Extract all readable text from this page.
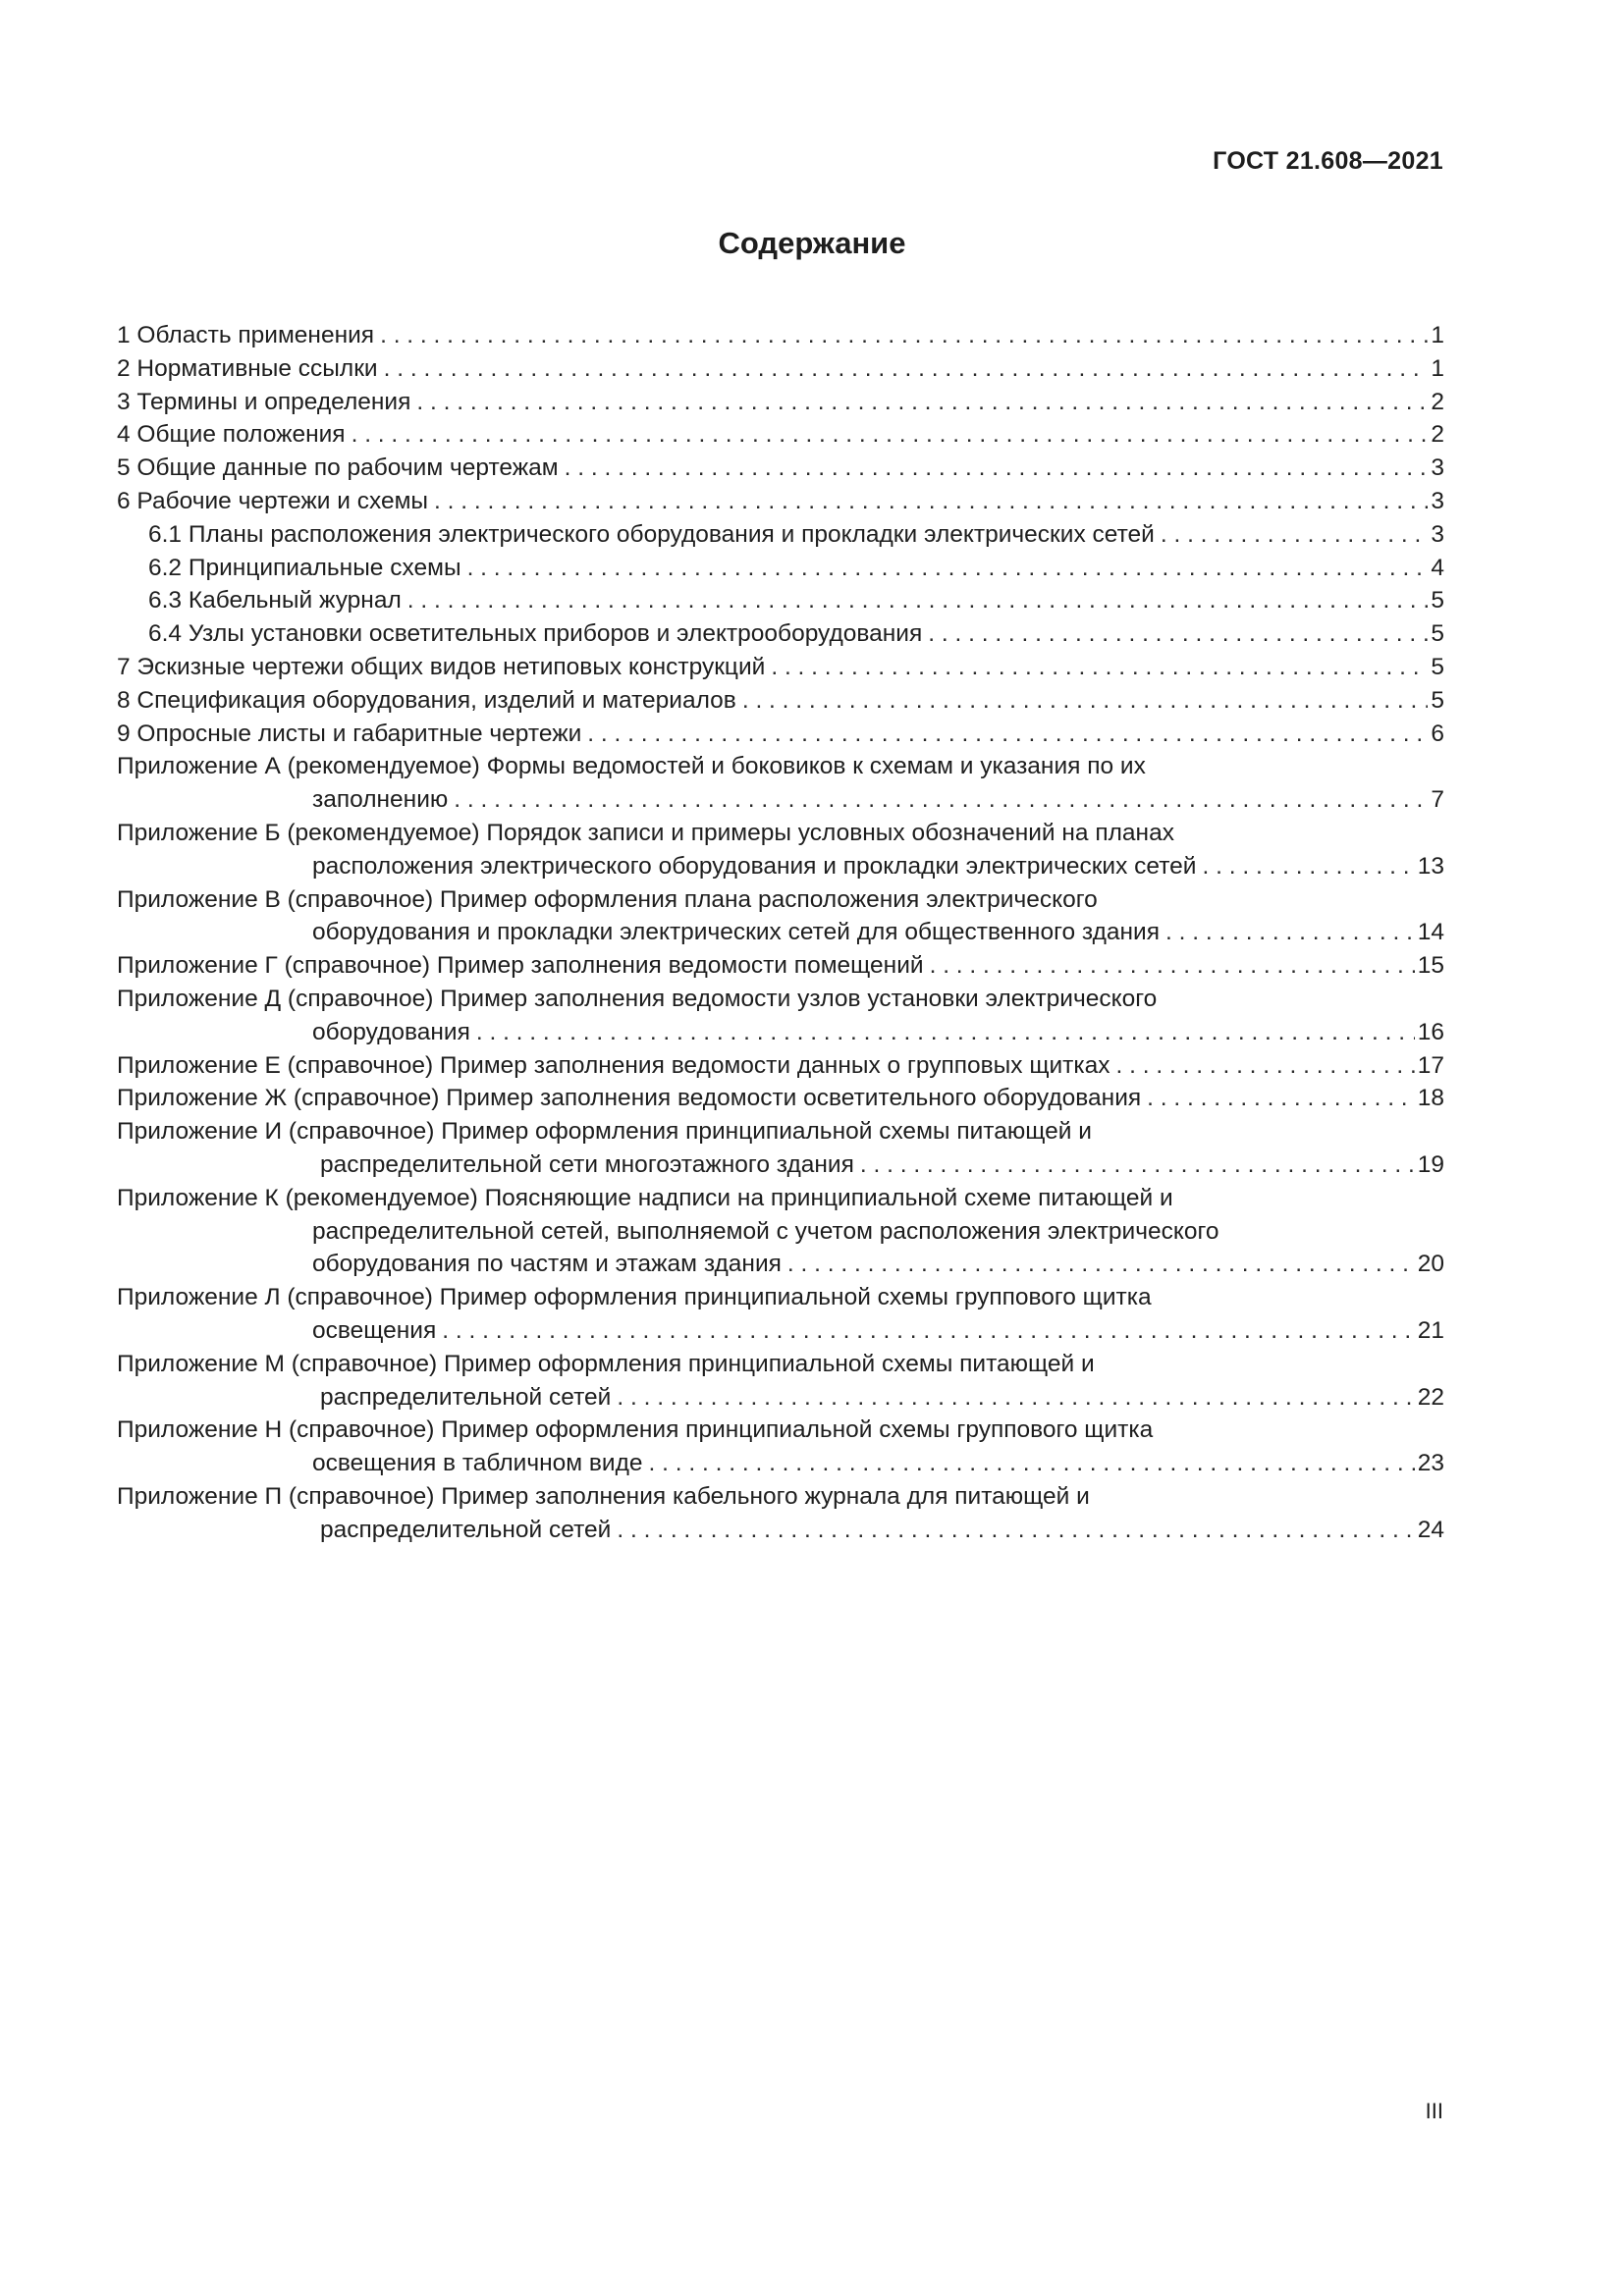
ГОСТ 21.608—2021
Содержание
1 Область применения . . .	1
2 Нормативные ссылки . . .	1
3 Термины и определения . . .	2
4 Общие положения . . .	2
5 Общие данные по рабочим чертежам . . .	3
6 Рабочие чертежи и схемы . . .	3
6.1 Планы расположения электрического оборудования и прокладки электрических сетей . . .	3
6.2 Принципиальные схемы . . .	4
6.3 Кабельный журнал . . .	5
6.4 Узлы установки осветительных приборов и электрооборудования . . .	5
7 Эскизные чертежи общих видов нетиповых конструкций . . .	5
8 Спецификация оборудования, изделий и материалов . . .	5
9 Опросные листы и габаритные чертежи . . .	6
Приложение А (рекомендуемое) Формы ведомостей и боковиков к схемам и указания по их
заполнению . . .	7
Приложение Б (рекомендуемое) Порядок записи и примеры условных обозначений на планах
расположения электрического оборудования и прокладки электрических сетей . . .	13
Приложение В (справочное) Пример оформления плана расположения электрического
оборудования и прокладки электрических сетей для общественного здания . . .	14
Приложение Г (справочное) Пример заполнения ведомости помещений . . .	15
Приложение Д (справочное) Пример заполнения ведомости узлов установки электрического
оборудования . . .	16
Приложение Е (справочное) Пример заполнения ведомости данных о групповых щитках . . .	17
Приложение Ж (справочное) Пример заполнения ведомости осветительного оборудования . . .	18
Приложение И (справочное) Пример оформления принципиальной схемы питающей и
распределительной сети многоэтажного здания . . .	19
Приложение К (рекомендуемое) Поясняющие надписи на принципиальной схеме питающей и
распределительной сетей, выполняемой с учетом расположения электрического
оборудования по частям и этажам здания . . .	20
Приложение Л (справочное) Пример оформления принципиальной схемы группового щитка
освещения . . .	21
Приложение М (справочное) Пример оформления принципиальной схемы питающей и
распределительной сетей . . .	22
Приложение Н (справочное) Пример оформления принципиальной схемы группового щитка
освещения в табличном виде . . .	23
Приложение П (справочное) Пример заполнения кабельного журнала для питающей и
распределительной сетей . . .	24
III
